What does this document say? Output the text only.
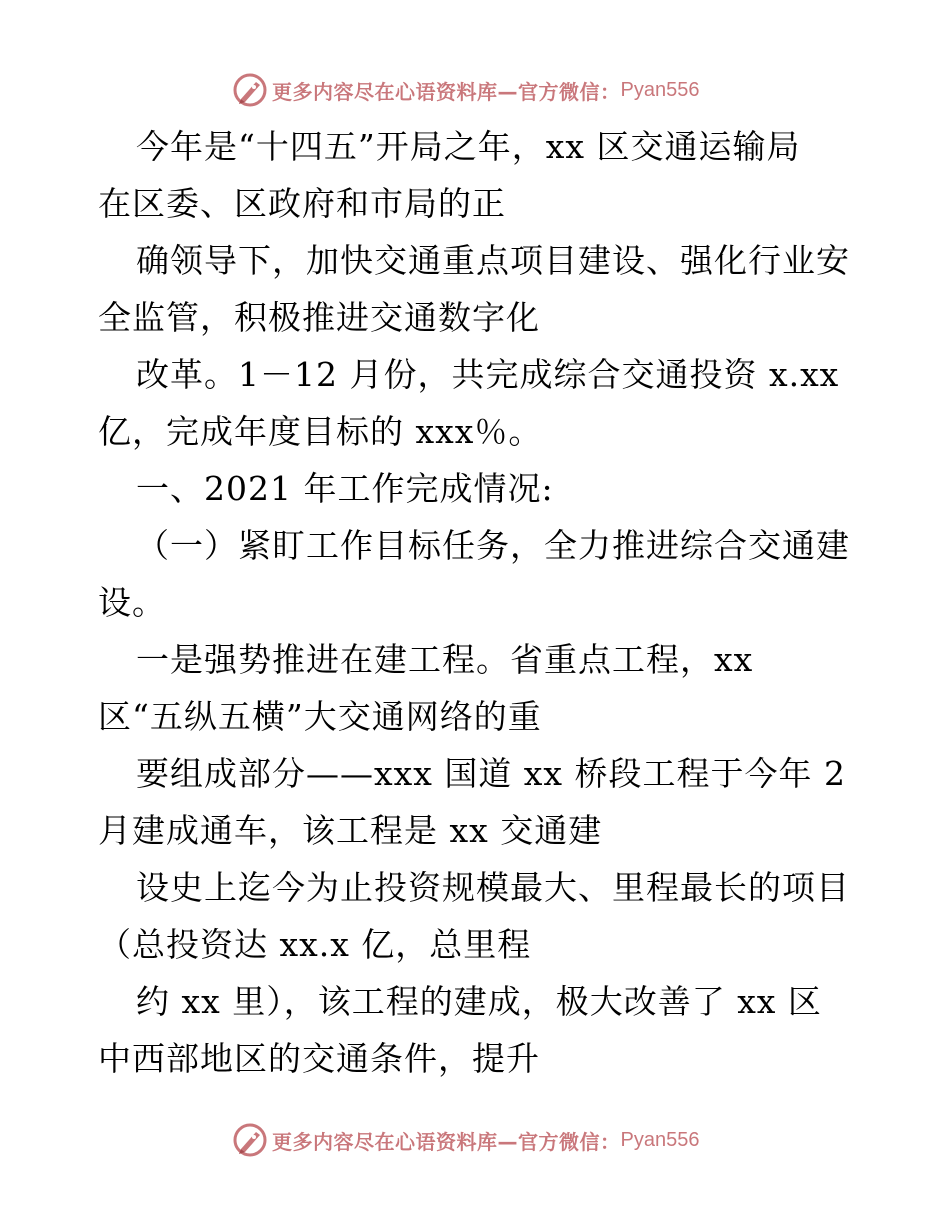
更多内容尽在心语资料库—官方微信： Pyan556

今年是“十四五”开局之年，xx 区交通运输局

在区委、区政府和市局的正

确领导下，加快交通重点项目建设、强化行业安

全监管，积极推进交通数字化

改革。1－12 月份，共完成综合交通投资 x.xx

亿，完成年度目标的 xxx％。

一、2021 年工作完成情况:

（一）紧盯工作目标任务，全力推进综合交通建

设。

一是强势推进在建工程。省重点工程，xx

区“五纵五横”大交通网络的重

要组成部分——xxx 国道 xx 桥段工程于今年 2

月建成通车，该工程是 xx 交通建

设史上迄今为止投资规模最大、里程最长的项目

（总投资达 xx.x 亿，总里程

约 xx 里），该工程的建成，极大改善了 xx 区

中西部地区的交通条件，提升

更多内容尽在心语资料库—官方微信： Pyan556
